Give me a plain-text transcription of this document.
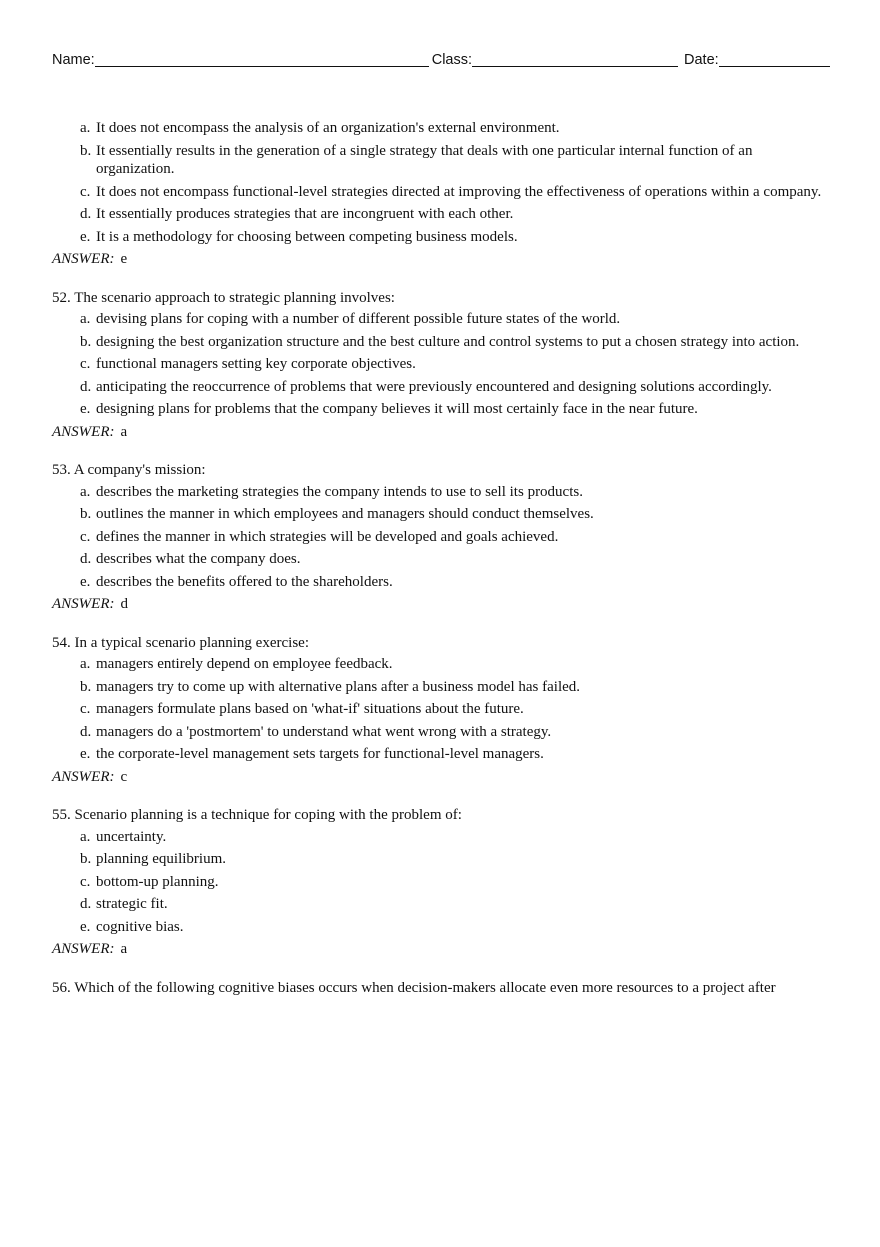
Name:	Class:	Date:
a. It does not encompass the analysis of an organization's external environment.
b. It essentially results in the generation of a single strategy that deals with one particular internal function of an organization.
c. It does not encompass functional-level strategies directed at improving the effectiveness of operations within a company.
d. It essentially produces strategies that are incongruent with each other.
e. It is a methodology for choosing between competing business models.
ANSWER: e
52. The scenario approach to strategic planning involves:
a. devising plans for coping with a number of different possible future states of the world.
b. designing the best organization structure and the best culture and control systems to put a chosen strategy into action.
c. functional managers setting key corporate objectives.
d. anticipating the reoccurrence of problems that were previously encountered and designing solutions accordingly.
e. designing plans for problems that the company believes it will most certainly face in the near future.
ANSWER: a
53. A company's mission:
a. describes the marketing strategies the company intends to use to sell its products.
b. outlines the manner in which employees and managers should conduct themselves.
c. defines the manner in which strategies will be developed and goals achieved.
d. describes what the company does.
e. describes the benefits offered to the shareholders.
ANSWER: d
54. In a typical scenario planning exercise:
a. managers entirely depend on employee feedback.
b. managers try to come up with alternative plans after a business model has failed.
c. managers formulate plans based on 'what-if' situations about the future.
d. managers do a 'postmortem' to understand what went wrong with a strategy.
e. the corporate-level management sets targets for functional-level managers.
ANSWER: c
55. Scenario planning is a technique for coping with the problem of:
a. uncertainty.
b. planning equilibrium.
c. bottom-up planning.
d. strategic fit.
e. cognitive bias.
ANSWER: a
56. Which of the following cognitive biases occurs when decision-makers allocate even more resources to a project after
